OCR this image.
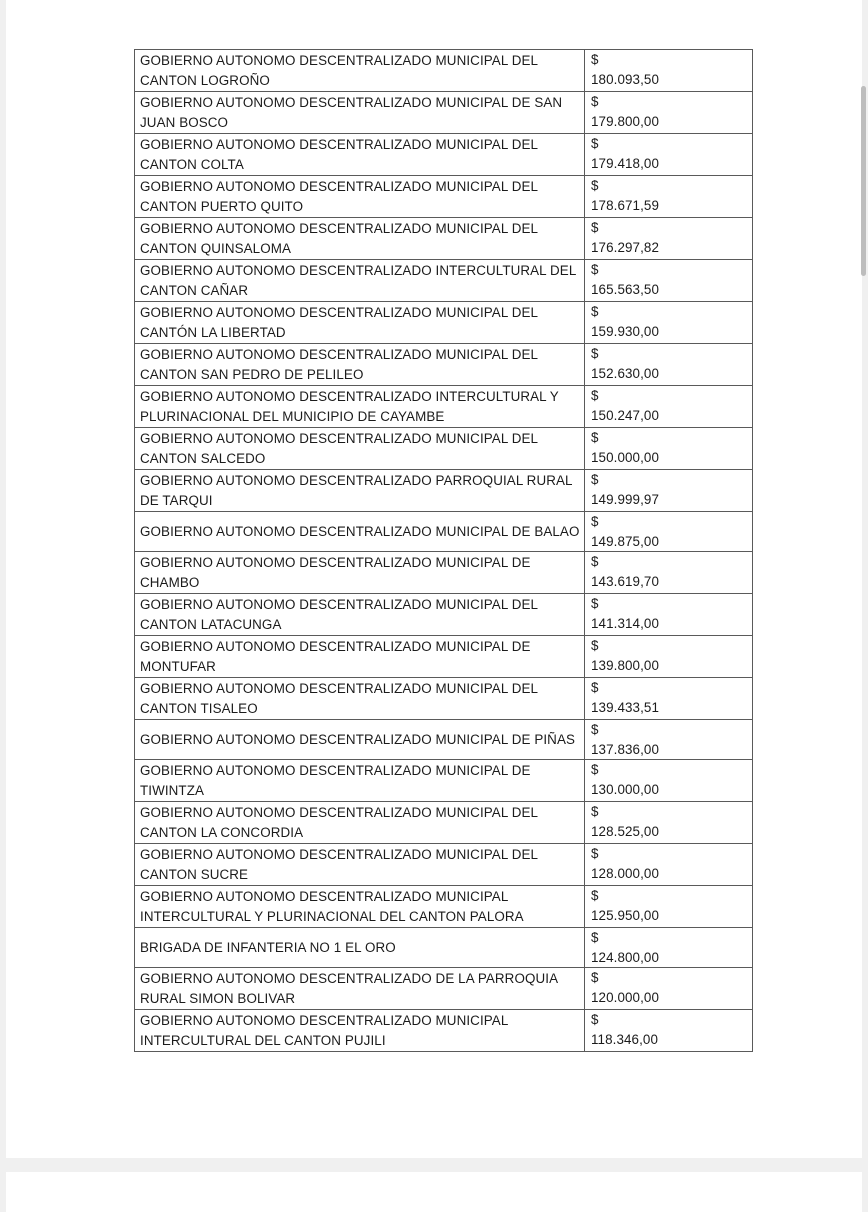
GOBIERNO AUTONOMO DESCENTRALIZADO MUNICIPAL DEL
CANTON LOGROÑO	$
180.093,50

GOBIERNO AUTONOMO DESCENTRALIZADO MUNICIPAL DE SAN
JUAN BOSCO	$
179.800,00

GOBIERNO AUTONOMO DESCENTRALIZADO MUNICIPAL DEL
CANTON COLTA	$
179.418,00

GOBIERNO AUTONOMO DESCENTRALIZADO MUNICIPAL DEL
CANTON PUERTO QUITO	$
178.671,59

GOBIERNO AUTONOMO DESCENTRALIZADO MUNICIPAL DEL
CANTON QUINSALOMA	$
176.297,82

GOBIERNO AUTONOMO DESCENTRALIZADO INTERCULTURAL DEL
CANTON CAÑAR	$
165.563,50

GOBIERNO AUTONOMO DESCENTRALIZADO MUNICIPAL DEL
CANTÓN LA LIBERTAD	$
159.930,00

GOBIERNO AUTONOMO DESCENTRALIZADO MUNICIPAL DEL
CANTON SAN PEDRO DE PELILEO	$
152.630,00

GOBIERNO AUTONOMO DESCENTRALIZADO INTERCULTURAL Y
PLURINACIONAL DEL MUNICIPIO DE CAYAMBE	$
150.247,00

GOBIERNO AUTONOMO DESCENTRALIZADO MUNICIPAL DEL
CANTON SALCEDO	$
150.000,00

GOBIERNO AUTONOMO DESCENTRALIZADO PARROQUIAL RURAL
DE TARQUI	$
149.999,97

GOBIERNO AUTONOMO DESCENTRALIZADO MUNICIPAL DE BALAO	$
149.875,00

GOBIERNO AUTONOMO DESCENTRALIZADO MUNICIPAL DE
CHAMBO	$
143.619,70

GOBIERNO AUTONOMO DESCENTRALIZADO MUNICIPAL DEL
CANTON LATACUNGA	$
141.314,00

GOBIERNO AUTONOMO DESCENTRALIZADO MUNICIPAL DE
MONTUFAR	$
139.800,00

GOBIERNO AUTONOMO DESCENTRALIZADO MUNICIPAL DEL
CANTON TISALEO	$
139.433,51

GOBIERNO AUTONOMO DESCENTRALIZADO MUNICIPAL DE PIÑAS	$
137.836,00

GOBIERNO AUTONOMO DESCENTRALIZADO MUNICIPAL DE
TIWINTZA	$
130.000,00

GOBIERNO AUTONOMO DESCENTRALIZADO MUNICIPAL DEL
CANTON LA CONCORDIA	$
128.525,00

GOBIERNO AUTONOMO DESCENTRALIZADO MUNICIPAL DEL
CANTON SUCRE	$
128.000,00

GOBIERNO AUTONOMO DESCENTRALIZADO MUNICIPAL
INTERCULTURAL Y PLURINACIONAL DEL CANTON PALORA	$
125.950,00

BRIGADA DE INFANTERIA NO 1 EL ORO	$
124.800,00

GOBIERNO AUTONOMO DESCENTRALIZADO DE LA PARROQUIA
RURAL SIMON BOLIVAR	$
120.000,00

GOBIERNO AUTONOMO DESCENTRALIZADO MUNICIPAL
INTERCULTURAL DEL CANTON PUJILI	$
118.346,00
